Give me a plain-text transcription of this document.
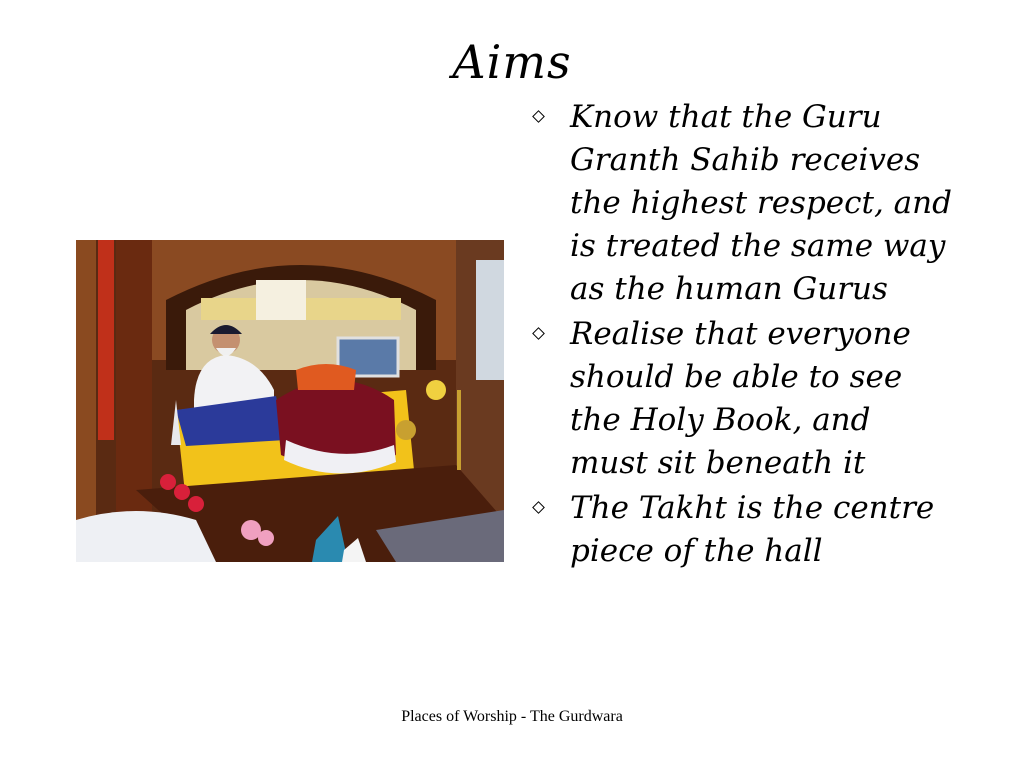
Aims
Know that the Guru Granth Sahib receives the highest respect, and is treated the same way as the human Gurus
Realise that everyone should be able to see the Holy Book, and must sit beneath it
The Takht is the centre piece of the hall
Places of Worship - The Gurdwara
